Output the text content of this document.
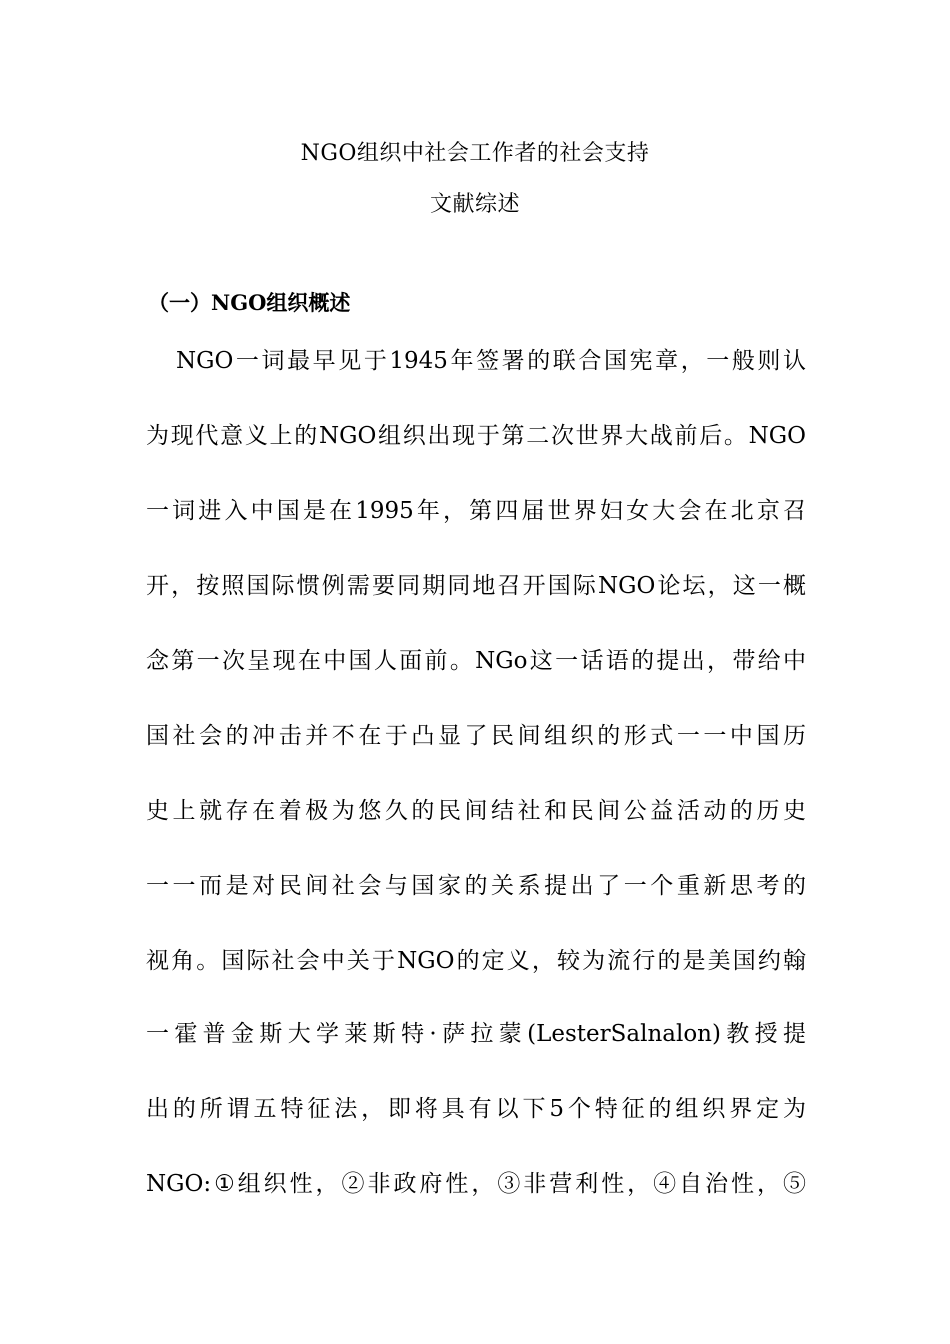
NGO组织中社会工作者的社会支持
文献综述
（一）NGO组织概述
NGO一词最早见于1945年签署的联合国宪章，一般则认
为现代意义上的NGO组织出现于第二次世界大战前后。NGO
一词进入中国是在1995年，第四届世界妇女大会在北京召
开，按照国际惯例需要同期同地召开国际NGO论坛，这一概
念第一次呈现在中国人面前。NGo这一话语的提出，带给中
国社会的冲击并不在于凸显了民间组织的形式一一中国历
史上就存在着极为悠久的民间结社和民间公益活动的历史
一一而是对民间社会与国家的关系提出了一个重新思考的
视角。国际社会中关于NGO的定义，较为流行的是美国约翰
一霍普金斯大学莱斯特·萨拉蒙(LesterSalnalon)教授提
出的所谓五特征法，即将具有以下5个特征的组织界定为
NGO:①组织性，②非政府性，③非营利性，④自治性，⑤
